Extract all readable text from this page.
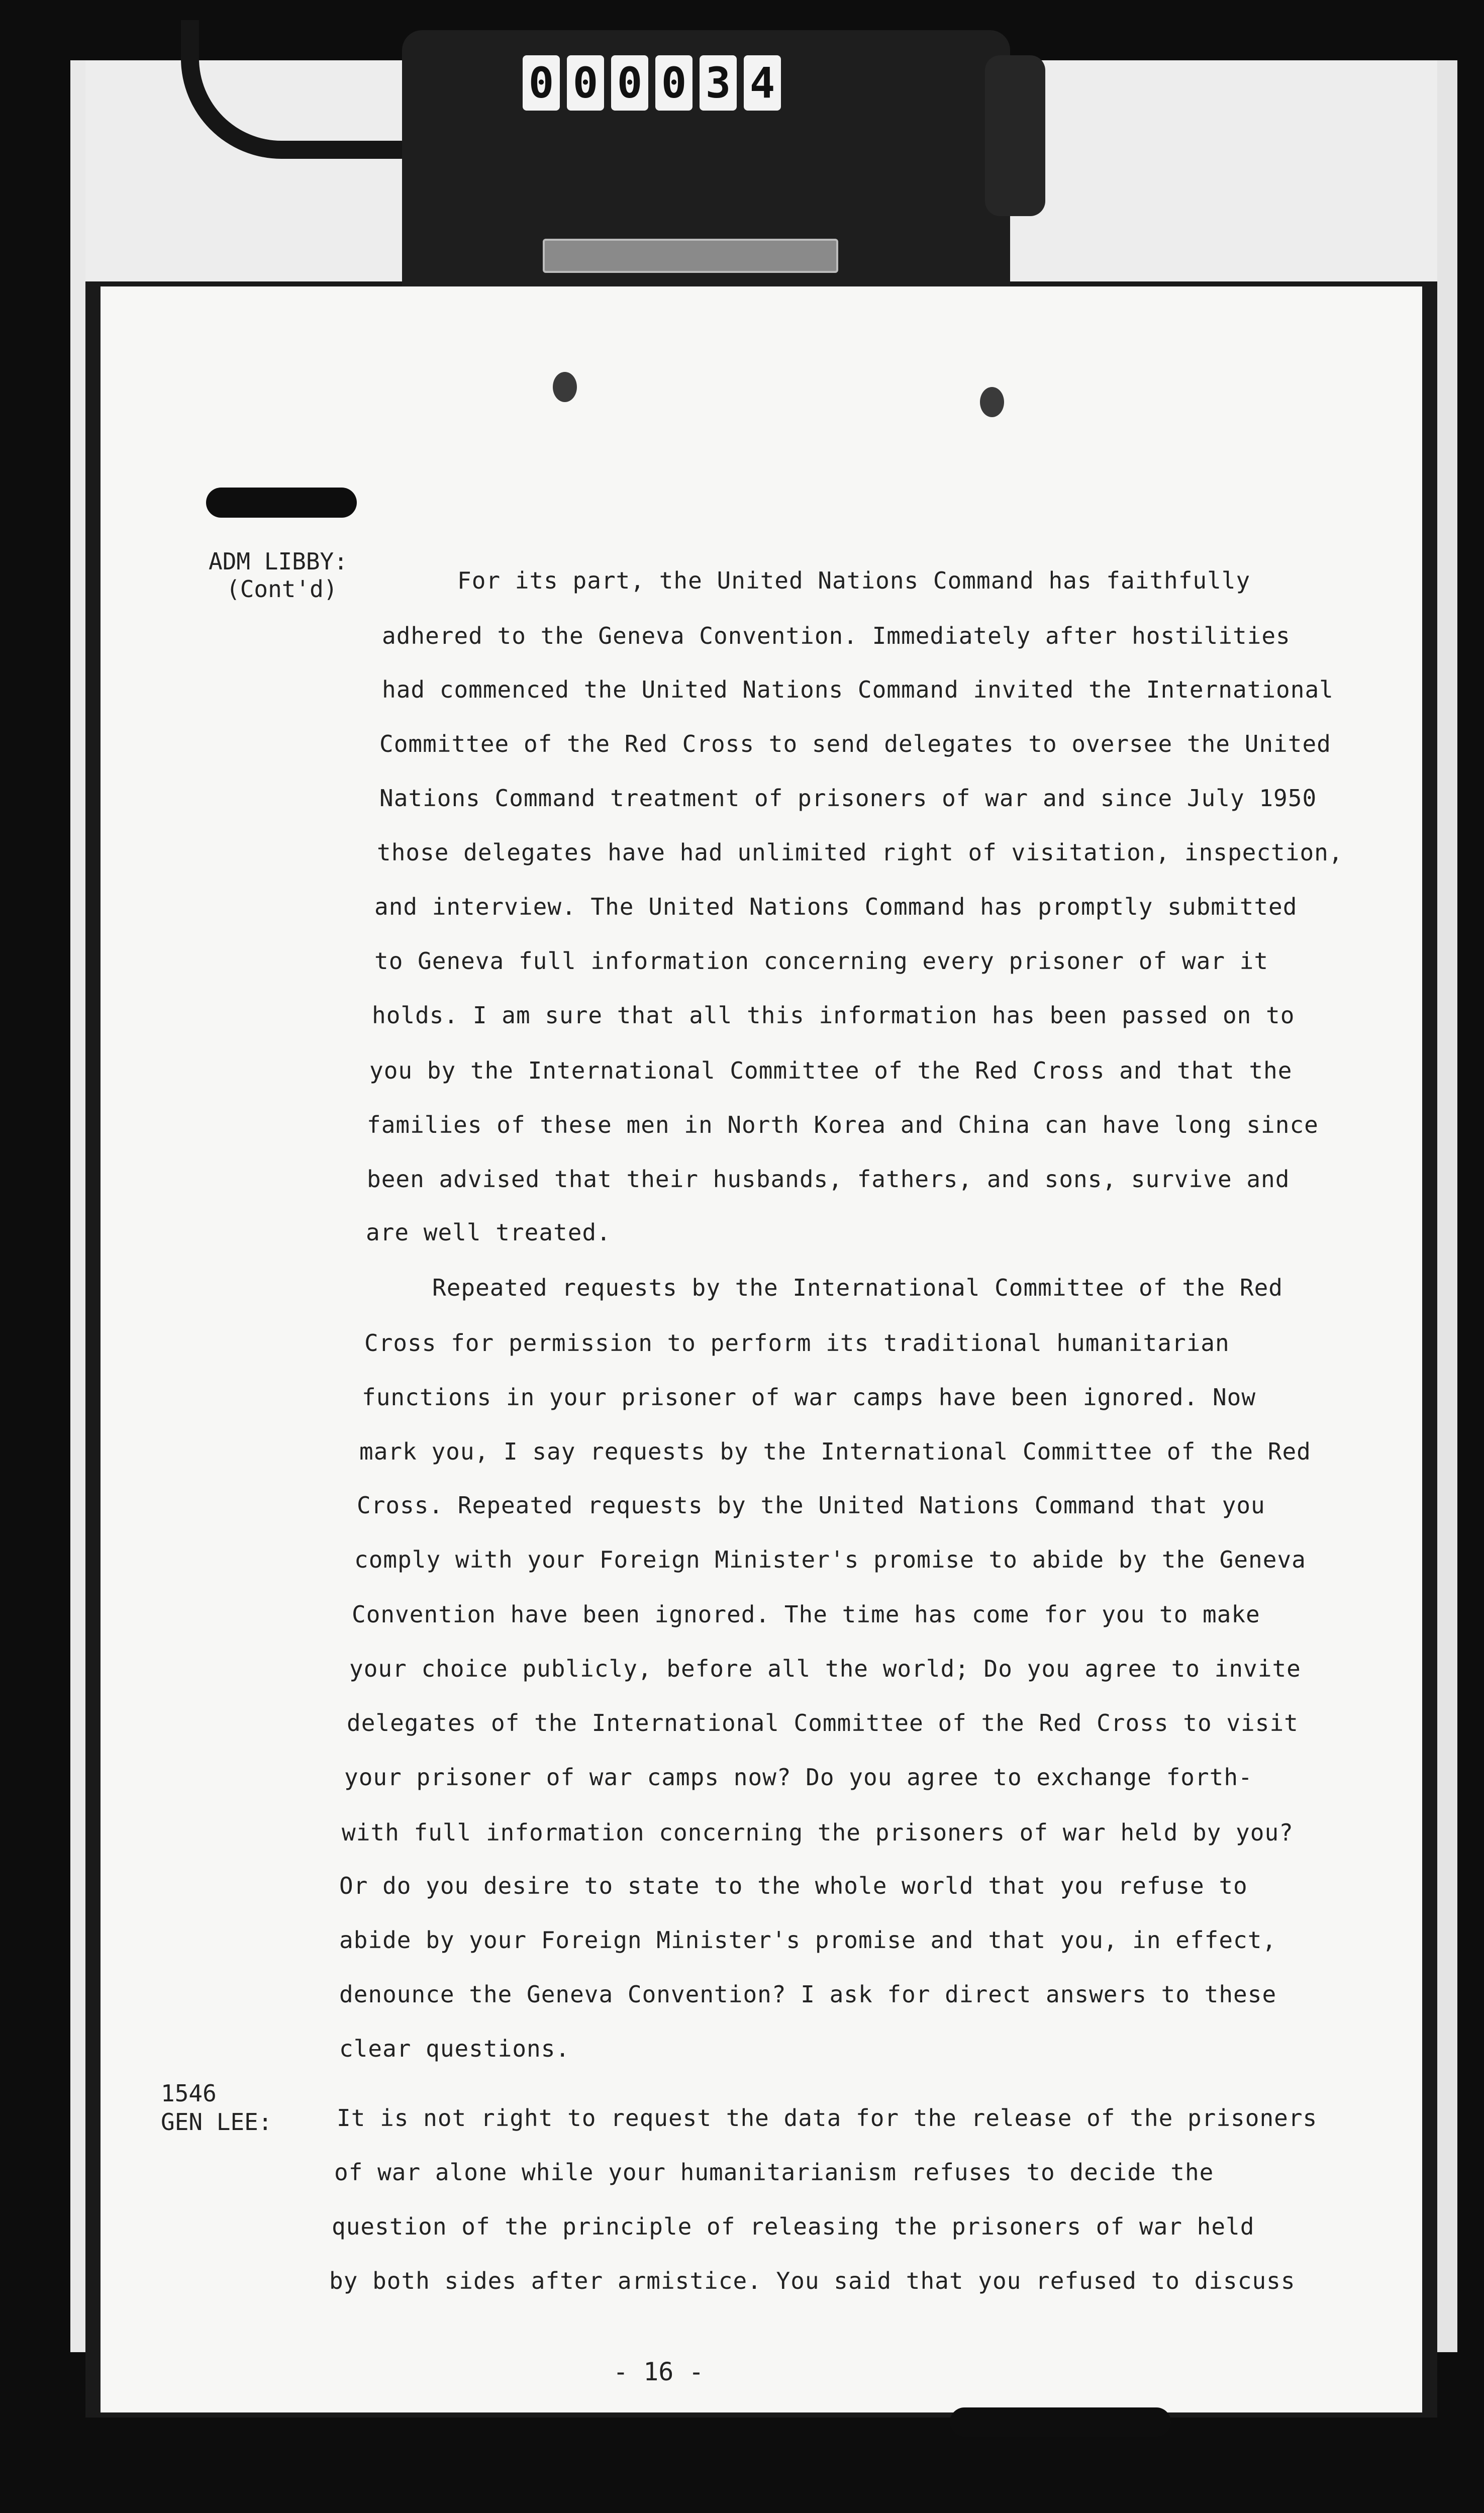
0 0 0 0 3 4
ADM LIBBY:
(Cont'd)	For its part, the United Nations Command has faithfully
adhered to the Geneva Convention. Immediately after hostilities
had commenced the United Nations Command invited the International
Committee of the Red Cross to send delegates to oversee the United
Nations Command treatment of prisoners of war and since July 1950
those delegates have had unlimited right of visitation, inspection,
and interview. The United Nations Command has promptly submitted
to Geneva full information concerning every prisoner of war it
holds. I am sure that all this information has been passed on to
you by the International Committee of the Red Cross and that the
families of these men in North Korea and China can have long since
been advised that their husbands, fathers, and sons, survive and
are well treated.
Repeated requests by the International Committee of the Red
Cross for permission to perform its traditional humanitarian
functions in your prisoner of war camps have been ignored. Now
mark you, I say requests by the International Committee of the Red
Cross. Repeated requests by the United Nations Command that you
comply with your Foreign Minister's promise to abide by the Geneva
Convention have been ignored. The time has come for you to make
your choice publicly, before all the world; Do you agree to invite
delegates of the International Committee of the Red Cross to visit
your prisoner of war camps now? Do you agree to exchange forth-
with full information concerning the prisoners of war held by you?
Or do you desire to state to the whole world that you refuse to
abide by your Foreign Minister's promise and that you, in effect,
denounce the Geneva Convention? I ask for direct answers to these
clear questions.
1546
GEN LEE:	It is not right to request the data for the release of the prisoners
of war alone while your humanitarianism refuses to decide the
question of the principle of releasing the prisoners of war held
by both sides after armistice. You said that you refused to discuss
- 16 -
